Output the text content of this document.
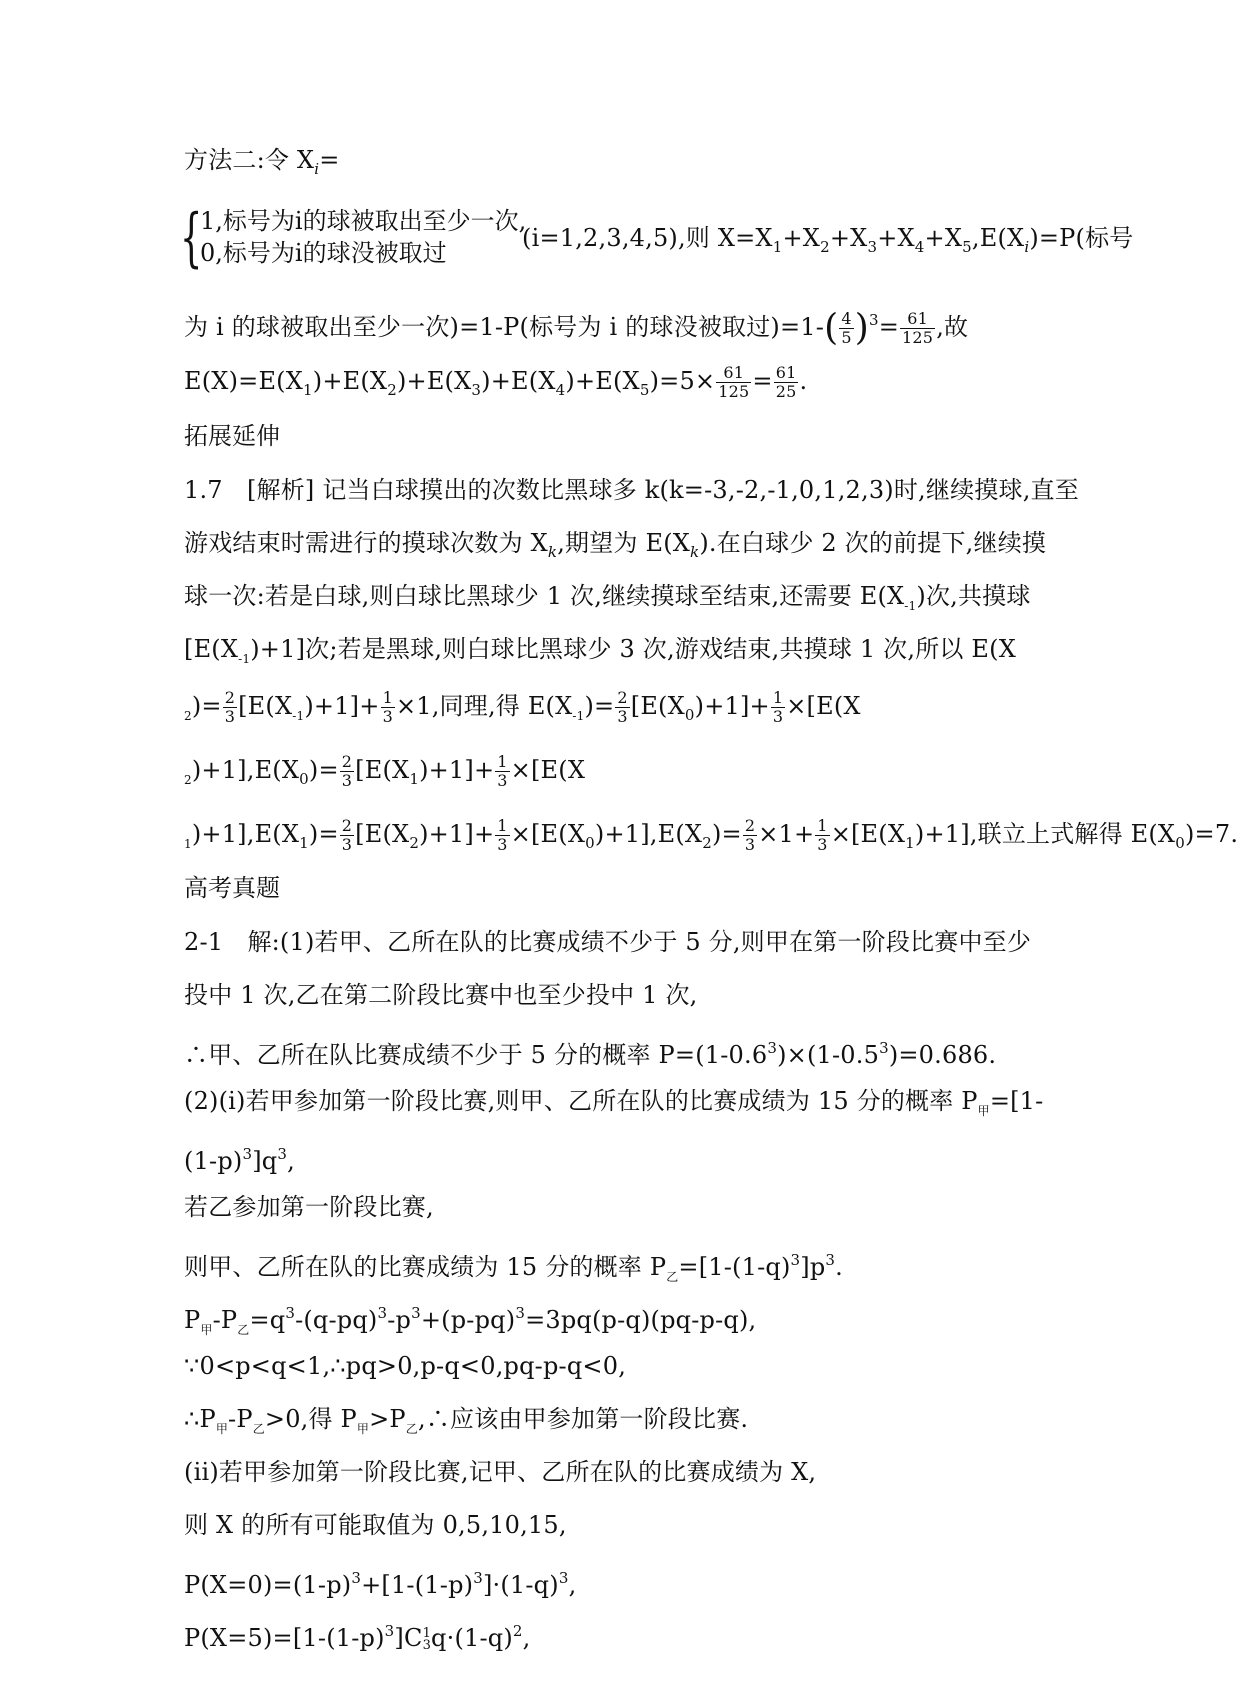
方法二:令 $X_i=$
{
1,标号为i的球被取出至少一次,
0,标号为i的球没被取过
(i=1,2,3,4,5),则 $X=X_1+X_2+X_3+X_4+X_5,E(X_i)=P$(标号
为 i 的球被取出至少一次)=1-P(标号为 i 的球没被取过)$=1-( \frac{4}{5} )^3= \frac{61}{125}$ ,故
$E(X)=E(X_1)+E(X_2)+E(X_3)+E(X_4)+E(X_5)=5\times \frac{61}{125} = \frac{61}{25}$ .
拓展延伸
1.7　[解析] 记当白球摸出的次数比黑球多 k(k=-3,-2,-1,0,1,2,3)时,继续摸球,直至
游戏结束时需进行的摸球次数为 $X_k$,期望为 $E(X_k)$.在白球少 2 次的前提下,继续摸
球一次:若是白球,则白球比黑球少 1 次,继续摸球至结束,还需要 $E(X_{-1})$次,共摸球
$[E(X_{-1})+1]$次;若是黑球,则白球比黑球少 3 次,游戏结束,共摸球 1 次,所以 E(X
$_2)= \frac{2}{3} [E(X_{-1})+1]+ \frac{1}{3} \times 1$,同理,得 $E(X_{-1})= \frac{2}{3} [E(X_0)+1]+ \frac{1}{3} \times[E(X$
$_2)+1],E(X_0)= \frac{2}{3} [E(X_1)+1]+ \frac{1}{3} \times[E(X$
$_1)+1],E(X_1)= \frac{2}{3} [E(X_2)+1]+ \frac{1}{3} \times[E(X_0)+1],E(X_2)= \frac{2}{3} \times 1+ \frac{1}{3} \times[E(X_1)+1]$,联立上式解得 $E(X_0)=7$.
高考真题
2-1　解:(1)若甲、乙所在队的比赛成绩不少于 5 分,则甲在第一阶段比赛中至少
投中 1 次,乙在第二阶段比赛中也至少投中 1 次,
∴甲、乙所在队比赛成绩不少于 5 分的概率 $P=(1-0.6^3)\times(1-0.5^3)=0.686$.
(2)(i)若甲参加第一阶段比赛,则甲、乙所在队的比赛成绩为 15 分的概率 $P_甲=[1-$
$(1-p)^3]q^3$,
若乙参加第一阶段比赛,
则甲、乙所在队的比赛成绩为 15 分的概率 $P_乙=[1-(1-q)^3]p^3$.
$P_甲-P_乙=q^3-(q-pq)^3-p^3+(p-pq)^3=3pq(p-q)(pq-p-q)$,
∵0<p<q<1,∴pq>0,p-q<0,pq-p-q<0,
$\therefore P_甲-P_乙>0$,得 $P_甲>P_乙,\therefore$应该由甲参加第一阶段比赛.
(ii)若甲参加第一阶段比赛,记甲、乙所在队的比赛成绩为 X,
则 X 的所有可能取值为 0,5,10,15,
$P(X=0)=(1-p)^3+[1-(1-p)^3]\cdot(1-q)^3$,
$P(X=5)=[1-(1-p)^3]C$ 1
3 $q\cdot(1-q)^2$,
